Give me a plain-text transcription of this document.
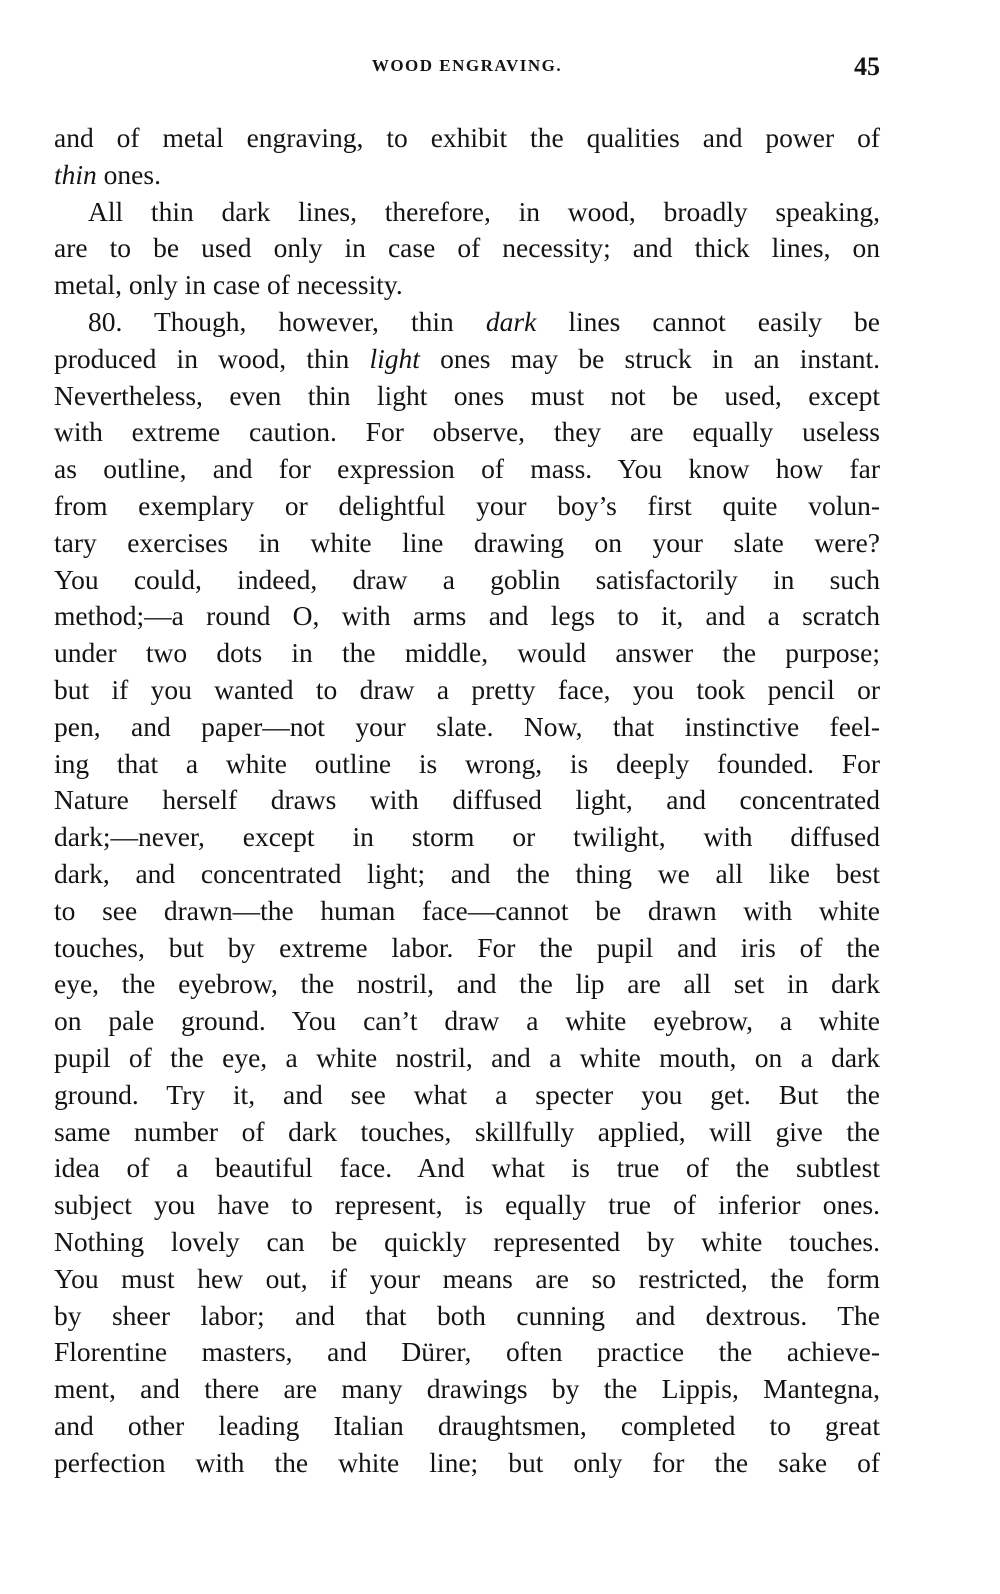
WOOD ENGRAVING.	45
and of metal engraving, to exhibit the qualities and power of
thin ones.
All thin dark lines, therefore, in wood, broadly speaking,
are to be used only in case of necessity; and thick lines, on
metal, only in case of necessity.
80. Though, however, thin dark lines cannot easily be
produced in wood, thin light ones may be struck in an instant.
Nevertheless, even thin light ones must not be used, except
with extreme caution. For observe, they are equally useless
as outline, and for expression of mass. You know how far
from exemplary or delightful your boy’s first quite volun-
tary exercises in white line drawing on your slate were?
You could, indeed, draw a goblin satisfactorily in such
method;—a round O, with arms and legs to it, and a scratch
under two dots in the middle, would answer the purpose;
but if you wanted to draw a pretty face, you took pencil or
pen, and paper—not your slate. Now, that instinctive feel-
ing that a white outline is wrong, is deeply founded. For
Nature herself draws with diffused light, and concentrated
dark;—never, except in storm or twilight, with diffused
dark, and concentrated light; and the thing we all like best
to see drawn—the human face—cannot be drawn with white
touches, but by extreme labor. For the pupil and iris of the
eye, the eyebrow, the nostril, and the lip are all set in dark
on pale ground. You can’t draw a white eyebrow, a white
pupil of the eye, a white nostril, and a white mouth, on a dark
ground. Try it, and see what a specter you get. But the
same number of dark touches, skillfully applied, will give the
idea of a beautiful face. And what is true of the subtlest
subject you have to represent, is equally true of inferior ones.
Nothing lovely can be quickly represented by white touches.
You must hew out, if your means are so restricted, the form
by sheer labor; and that both cunning and dextrous. The
Florentine masters, and Dürer, often practice the achieve-
ment, and there are many drawings by the Lippis, Mantegna,
and other leading Italian draughtsmen, completed to great
perfection with the white line; but only for the sake of
